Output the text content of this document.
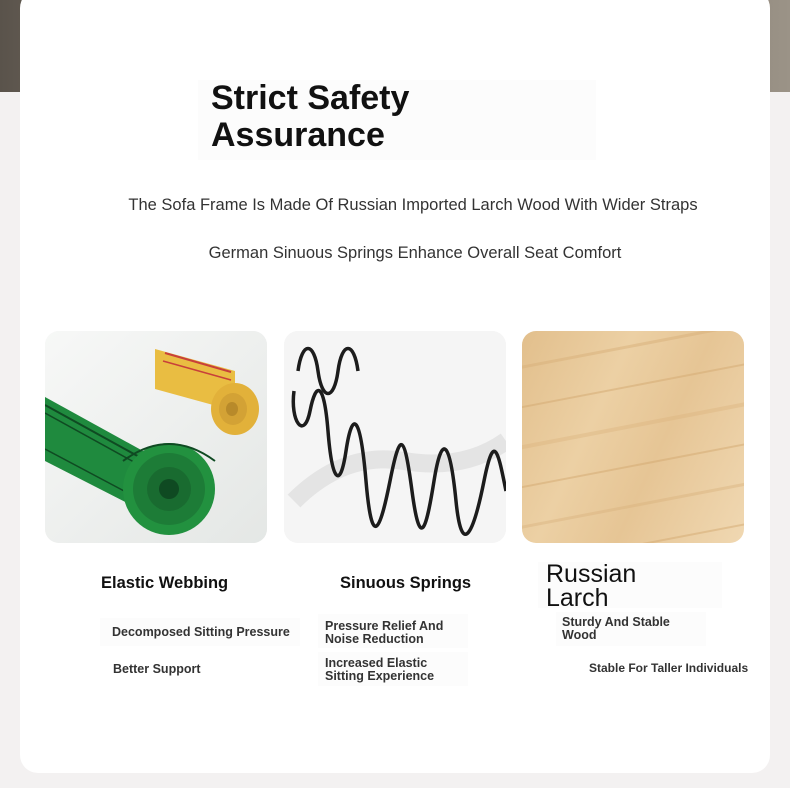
Strict Safety Assurance

The Sofa Frame Is Made Of Russian Imported Larch Wood With Wider Straps

German Sinuous Springs Enhance Overall Seat Comfort

Elastic Webbing

Decomposed Sitting Pressure

Better Support

Sinuous Springs

Pressure Relief And Noise Reduction

Increased Elastic Sitting Experience

Russian Larch

Sturdy And Stable Wood

Stable For Taller Individuals
